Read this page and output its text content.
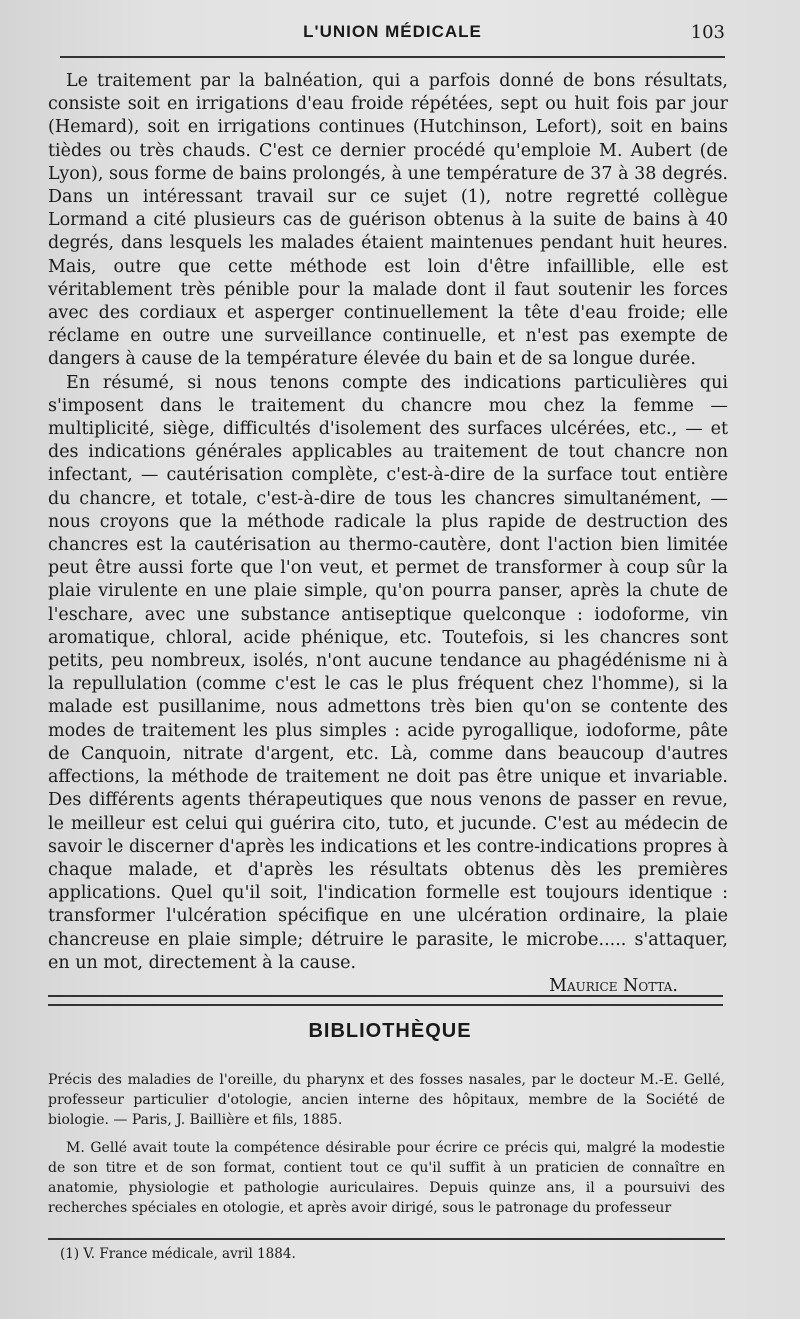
L'UNION MÉDICALE	103

Le traitement par la balnéation, qui a parfois donné de bons résultats, consiste soit en irrigations d'eau froide répétées, sept ou huit fois par jour (Hemard), soit en irrigations continues (Hutchinson, Lefort), soit en bains tièdes ou très chauds. C'est ce dernier procédé qu'emploie M. Aubert (de Lyon), sous forme de bains prolongés, à une température de 37 à 38 degrés. Dans un intéressant travail sur ce sujet (1), notre regretté collègue Lormand a cité plusieurs cas de guérison obtenus à la suite de bains à 40 degrés, dans lesquels les malades étaient maintenues pendant huit heures. Mais, outre que cette méthode est loin d'être infaillible, elle est véritablement très pénible pour la malade dont il faut soutenir les forces avec des cordiaux et asperger continuellement la tête d'eau froide; elle réclame en outre une surveillance continuelle, et n'est pas exempte de dangers à cause de la température élevée du bain et de sa longue durée.

En résumé, si nous tenons compte des indications particulières qui s'imposent dans le traitement du chancre mou chez la femme — multiplicité, siège, difficultés d'isolement des surfaces ulcérées, etc., — et des indications générales applicables au traitement de tout chancre non infectant, — cautérisation complète, c'est-à-dire de la surface tout entière du chancre, et totale, c'est-à-dire de tous les chancres simultanément, — nous croyons que la méthode radicale la plus rapide de destruction des chancres est la cautérisation au thermo-cautère, dont l'action bien limitée peut être aussi forte que l'on veut, et permet de transformer à coup sûr la plaie virulente en une plaie simple, qu'on pourra panser, après la chute de l'eschare, avec une substance antiseptique quelconque : iodoforme, vin aromatique, chloral, acide phénique, etc. Toutefois, si les chancres sont petits, peu nombreux, isolés, n'ont aucune tendance au phagédénisme ni à la repullulation (comme c'est le cas le plus fréquent chez l'homme), si la malade est pusillanime, nous admettons très bien qu'on se contente des modes de traitement les plus simples : acide pyrogallique, iodoforme, pâte de Canquoin, nitrate d'argent, etc. Là, comme dans beaucoup d'autres affections, la méthode de traitement ne doit pas être unique et invariable. Des différents agents thérapeutiques que nous venons de passer en revue, le meilleur est celui qui guérira cito, tuto, et jucunde. C'est au médecin de savoir le discerner d'après les indications et les contre-indications propres à chaque malade, et d'après les résultats obtenus dès les premières applications. Quel qu'il soit, l'indication formelle est toujours identique : transformer l'ulcération spécifique en une ulcération ordinaire, la plaie chancreuse en plaie simple; détruire le parasite, le microbe..... s'attaquer, en un mot, directement à la cause.

Maurice Notta.
BIBLIOTHÈQUE

Précis des maladies de l'oreille, du pharynx et des fosses nasales, par le docteur M.-E. Gellé, professeur particulier d'otologie, ancien interne des hôpitaux, membre de la Société de biologie. — Paris, J. Baillière et fils, 1885.

M. Gellé avait toute la compétence désirable pour écrire ce précis qui, malgré la modestie de son titre et de son format, contient tout ce qu'il suffit à un praticien de connaître en anatomie, physiologie et pathologie auriculaires. Depuis quinze ans, il a poursuivi des recherches spéciales en otologie, et après avoir dirigé, sous le patronage du professeur

(1) V. France médicale, avril 1884.
